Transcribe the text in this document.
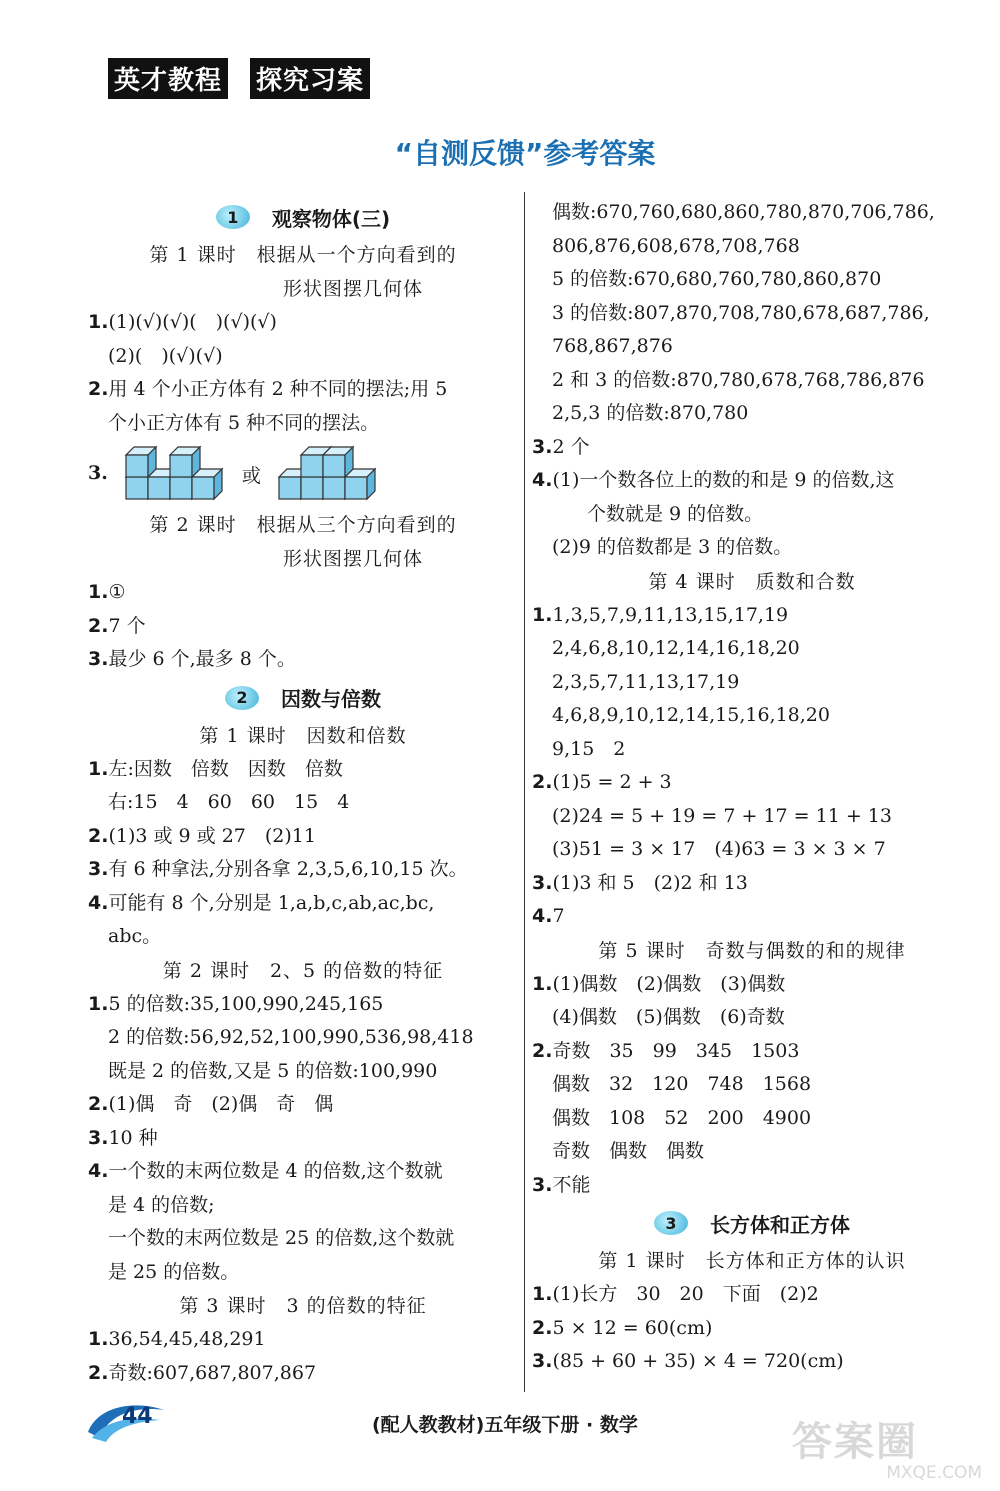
英才教程 探究习案
“自测反馈”参考答案
1	观察物体(三)
第 1 课时　根据从一个方向看到的
　　　　　形状图摆几何体
1.(1)(√)(√)(　)(√)(√)
(2)(　)(√)(√)
2.用 4 个小正方体有 2 种不同的摆法;用 5
个小正方体有 5 种不同的摆法。
3.	或
第 2 课时　根据从三个方向看到的
　　　　　形状图摆几何体
1.①
2.7 个
3.最少 6 个,最多 8 个。
2	因数与倍数
第 1 课时　因数和倍数
1.左:因数　倍数　因数　倍数
右:15　4　60　60　15　4
2.(1)3 或 9 或 27　(2)11
3.有 6 种拿法,分别各拿 2,3,5,6,10,15 次。
4.可能有 8 个,分别是 1,a,b,c,ab,ac,bc,
abc。
第 2 课时　2、5 的倍数的特征
1.5 的倍数:35,100,990,245,165
2 的倍数:56,92,52,100,990,536,98,418
既是 2 的倍数,又是 5 的倍数:100,990
2.(1)偶　奇　(2)偶　奇　偶
3.10 种
4.一个数的末两位数是 4 的倍数,这个数就
是 4 的倍数;
一个数的末两位数是 25 的倍数,这个数就
是 25 的倍数。
第 3 课时　3 的倍数的特征
1.36,54,45,48,291
2.奇数:607,687,807,867
偶数:670,760,680,860,780,870,706,786,
806,876,608,678,708,768
5 的倍数:670,680,760,780,860,870
3 的倍数:807,870,708,780,678,687,786,
768,867,876
2 和 3 的倍数:870,780,678,768,786,876
2,5,3 的倍数:870,780
3.2 个
4.(1)一个数各位上的数的和是 9 的倍数,这
个数就是 9 的倍数。
(2)9 的倍数都是 3 的倍数。
第 4 课时　质数和合数
1.1,3,5,7,9,11,13,15,17,19
2,4,6,8,10,12,14,16,18,20
2,3,5,7,11,13,17,19
4,6,8,9,10,12,14,15,16,18,20
9,15　2
2.(1)5 = 2 + 3
(2)24 = 5 + 19 = 7 + 17 = 11 + 13
(3)51 = 3 × 17　(4)63 = 3 × 3 × 7
3.(1)3 和 5　(2)2 和 13
4.7
第 5 课时　奇数与偶数的和的规律
1.(1)偶数　(2)偶数　(3)偶数
(4)偶数　(5)偶数　(6)奇数
2.奇数　35　99　345　1503
偶数　32　120　748　1568
偶数　108　52　200　4900
奇数　偶数　偶数
3.不能
3	长方体和正方体
第 1 课时　长方体和正方体的认识
1.(1)长方　30　20　下面　(2)2
2.5 × 12 = 60(cm)
3.(85 + 60 + 35) × 4 = 720(cm)
44	(配人教教材)五年级下册 · 数学	答案圈
MXQE.COM
